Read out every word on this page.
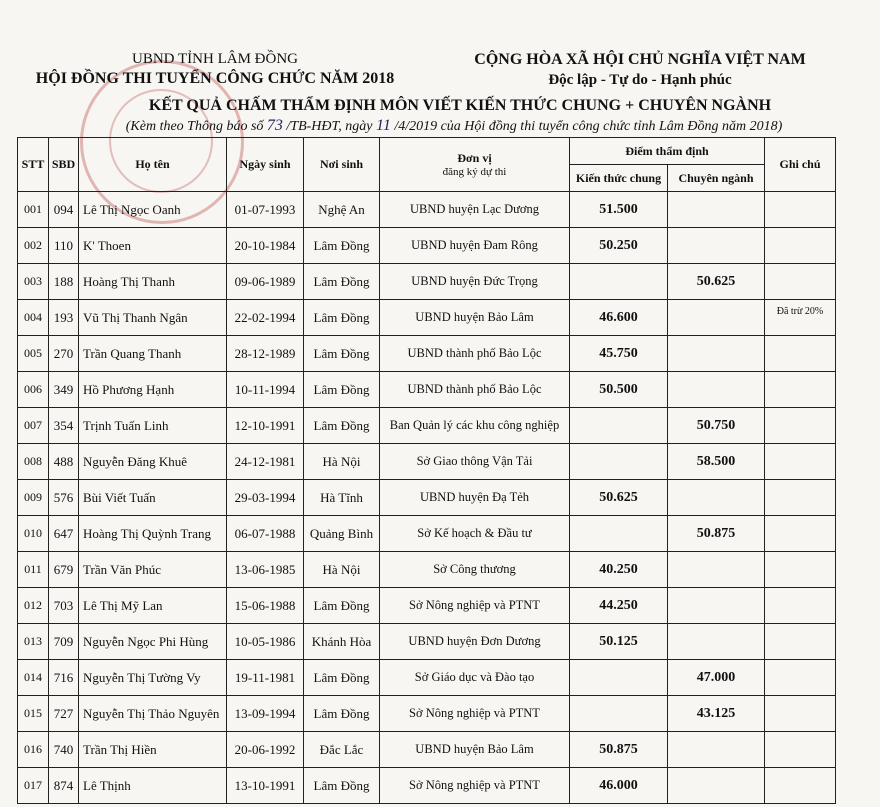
UBND TỈNH LÂM ĐỒNG
HỘI ĐỒNG THI TUYỂN CÔNG CHỨC NĂM 2018
CỘNG HÒA XÃ HỘI CHỦ NGHĨA VIỆT NAM
Độc lập - Tự do - Hạnh phúc
KẾT QUẢ CHẤM THẨM ĐỊNH MÔN VIẾT KIẾN THỨC CHUNG + CHUYÊN NGÀNH
(Kèm theo Thông báo số 73 /TB-HĐT, ngày 11 /4/2019 của Hội đồng thi tuyển công chức tỉnh Lâm Đồng năm 2018)
STT	SBD	Họ tên	Ngày sinh	Nơi sinh	Đơn vị
đăng ký dự thi	Điểm thẩm định		Ghi chú
						Kiến thức chung	Chuyên ngành	
001	094	Lê Thị Ngọc Oanh	01-07-1993	Nghệ An	UBND huyện Lạc Dương	51.500		
002	110	K' Thoen	20-10-1984	Lâm Đồng	UBND huyện Đam Rông	50.250		
003	188	Hoàng Thị Thanh	09-06-1989	Lâm Đồng	UBND huyện Đức Trọng		50.625	
004	193	Vũ Thị Thanh Ngân	22-02-1994	Lâm Đồng	UBND huyện Bảo Lâm	46.600		Đã trừ 20%
005	270	Trần Quang Thanh	28-12-1989	Lâm Đồng	UBND thành phố Bảo Lộc	45.750		
006	349	Hồ Phương Hạnh	10-11-1994	Lâm Đồng	UBND thành phố Bảo Lộc	50.500		
007	354	Trịnh Tuấn Linh	12-10-1991	Lâm Đồng	Ban Quản lý các khu công nghiệp		50.750	
008	488	Nguyễn Đăng Khuê	24-12-1981	Hà Nội	Sở Giao thông Vận Tải		58.500	
009	576	Bùi Viết Tuấn	29-03-1994	Hà Tĩnh	UBND huyện Đạ Tẻh	50.625		
010	647	Hoàng Thị Quỳnh Trang	06-07-1988	Quảng Bình	Sở Kế hoạch & Đầu tư		50.875	
011	679	Trần Văn Phúc	13-06-1985	Hà Nội	Sở Công thương	40.250		
012	703	Lê Thị Mỹ Lan	15-06-1988	Lâm Đồng	Sở Nông nghiệp và PTNT	44.250		
013	709	Nguyễn Ngọc Phi Hùng	10-05-1986	Khánh Hòa	UBND huyện Đơn Dương	50.125		
014	716	Nguyễn Thị Tường Vy	19-11-1981	Lâm Đồng	Sở Giáo dục và Đào tạo		47.000	
015	727	Nguyễn Thị Thảo Nguyên	13-09-1994	Lâm Đồng	Sở Nông nghiệp và PTNT		43.125	
016	740	Trần Thị Hiền	20-06-1992	Đắc Lắc	UBND huyện Bảo Lâm	50.875		
017	874	Lê Thịnh	13-10-1991	Lâm Đồng	Sở Nông nghiệp và PTNT	46.000		
